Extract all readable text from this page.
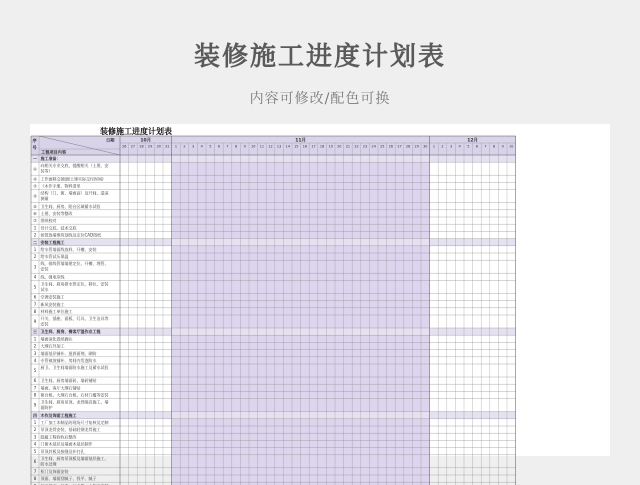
装修施工进度计划表
内容可修改/配色可换
序
号
日期
工程项目内容
10月	11月	12月
26 27 28 29 30 31 1 2 3 4 5 6 7 8 9 10 11 12 13 14 15 16 17 18 19 20 21 22 23 24 25 26 27 28 29 30 1 2 3 4 5 6 7 8 9 10
一 施工准备：
①
向相关专业交底，提醒相关（土建、安
装等）
② 工作面移交(根据土建实际交付时间)
③ 《木作手册、物料清单
④
结构（门、窗、墙面高）及开间、进深
测量
⑤ 卫生间、厨房、阳台区域蓄水试验
⑥ 土建、安装等整改
⑦ 图纸校对
1 设计交底、技术交底
2 按图放墙建筑划线及定位CAD图纸
二 安装工程施工
1 给水管墙面线放样、开槽、安装
2 给水管试压保温
3
线、排线管墙墙建定位、开槽、埋管、
安装
4 线、强电穿线
5
卫生间、厨房排水管定位、移位、安装
试水
6 空调安装施工
7 新风安装施工
8 材料施工单位施工
9
开关、插座、面板、灯具、卫生洁具等
安装
三 卫生间、厨房、餐客厅湿作业工程
1 墙面深化图纸确认
2 大理石外加工
3 墙面基层铺补、批界面剂、刷防
4 专管被放铺补、房间内发泡防水
5
厨卫、卫生间墙面防水施工及蓄水试验
6 卫生间、厨房墙面砖、墙砖铺贴
7 墙面、客厅大理石铺贴
8 窗台板、大理石台板、石材门槛等安装
9
卫生间、厨房吊顶、龙骨隔音施工、墙
面防护
四 木作及饰面工程施工
1 工厂加工木制品的现场尺寸复核及定制
2 吊顶龙骨安装、基础轻钢龙骨施工
3 隐蔽工程验收后整改
4 门窗木基层及墙面木基层制作
5 吊顶封板及接缝及补打孔
6
卫生间、厨房吊顶板及墙面基层施工、
防水处理
7 柜门及饰面安装
8 顶面、墙面刮腻子、找平、腻子
装修施工进度计划表
